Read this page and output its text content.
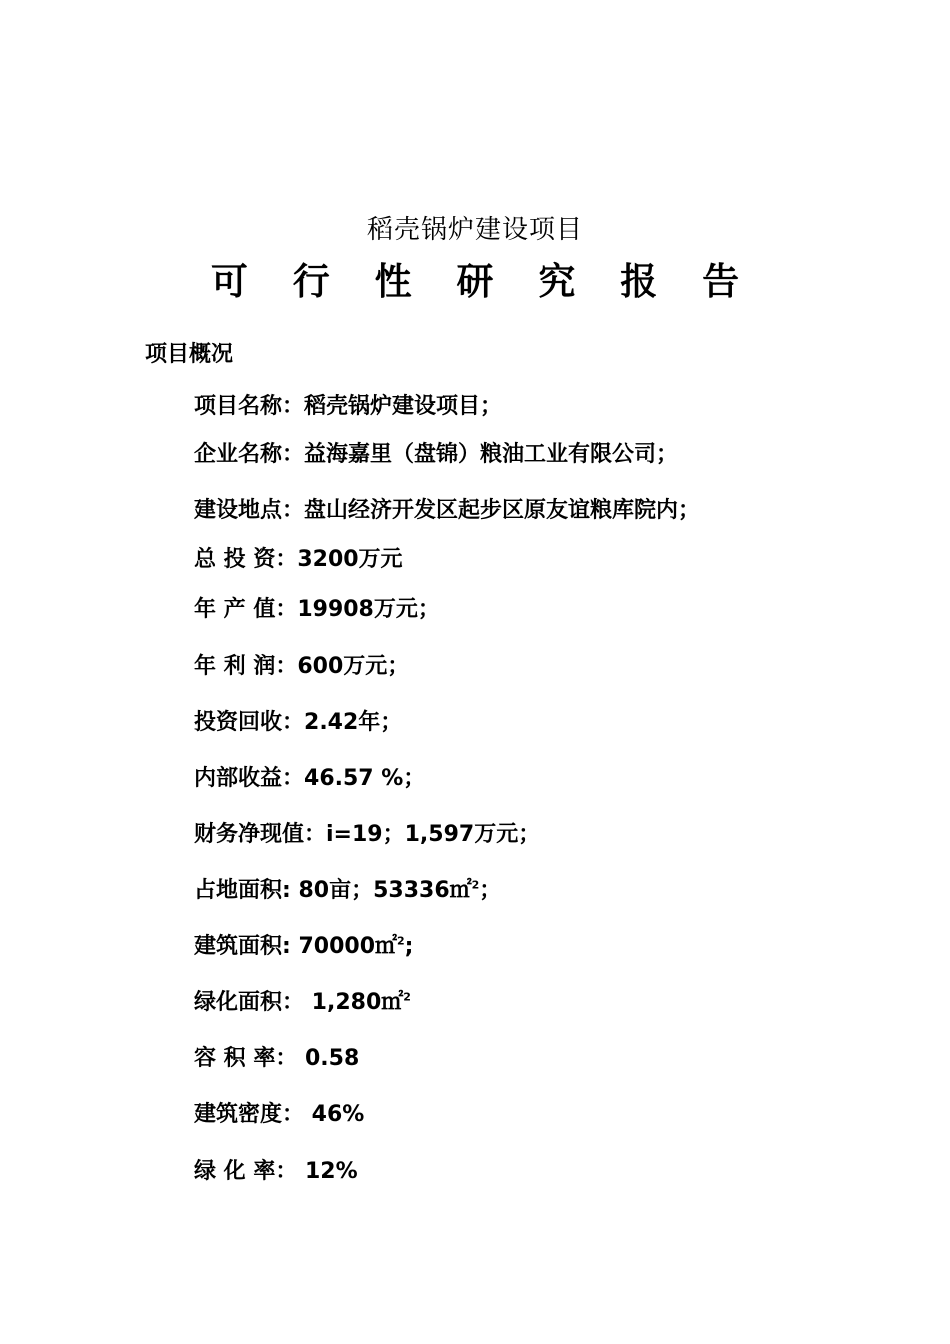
稻壳锅炉建设项目
可 行 性 研 究 报 告
项目概况
项目名称：稻壳锅炉建设项目；
企业名称：益海嘉里（盘锦）粮油工业有限公司；
建设地点：盘山经济开发区起步区原友谊粮库院内；
总 投 资：3200万元
年 产 值：19908万元；
年 利 润：600万元；
投资回收：2.42年；
内部收益：46.57 %；
财务净现值：i=19；1,597万元；
占地面积: 80亩；53336㎡$^2$；
建筑面积: 70000㎡$^2$;
绿化面积： 1,280㎡$^2$
容 积 率： 0.58
建筑密度： 46%
绿 化 率： 12%
